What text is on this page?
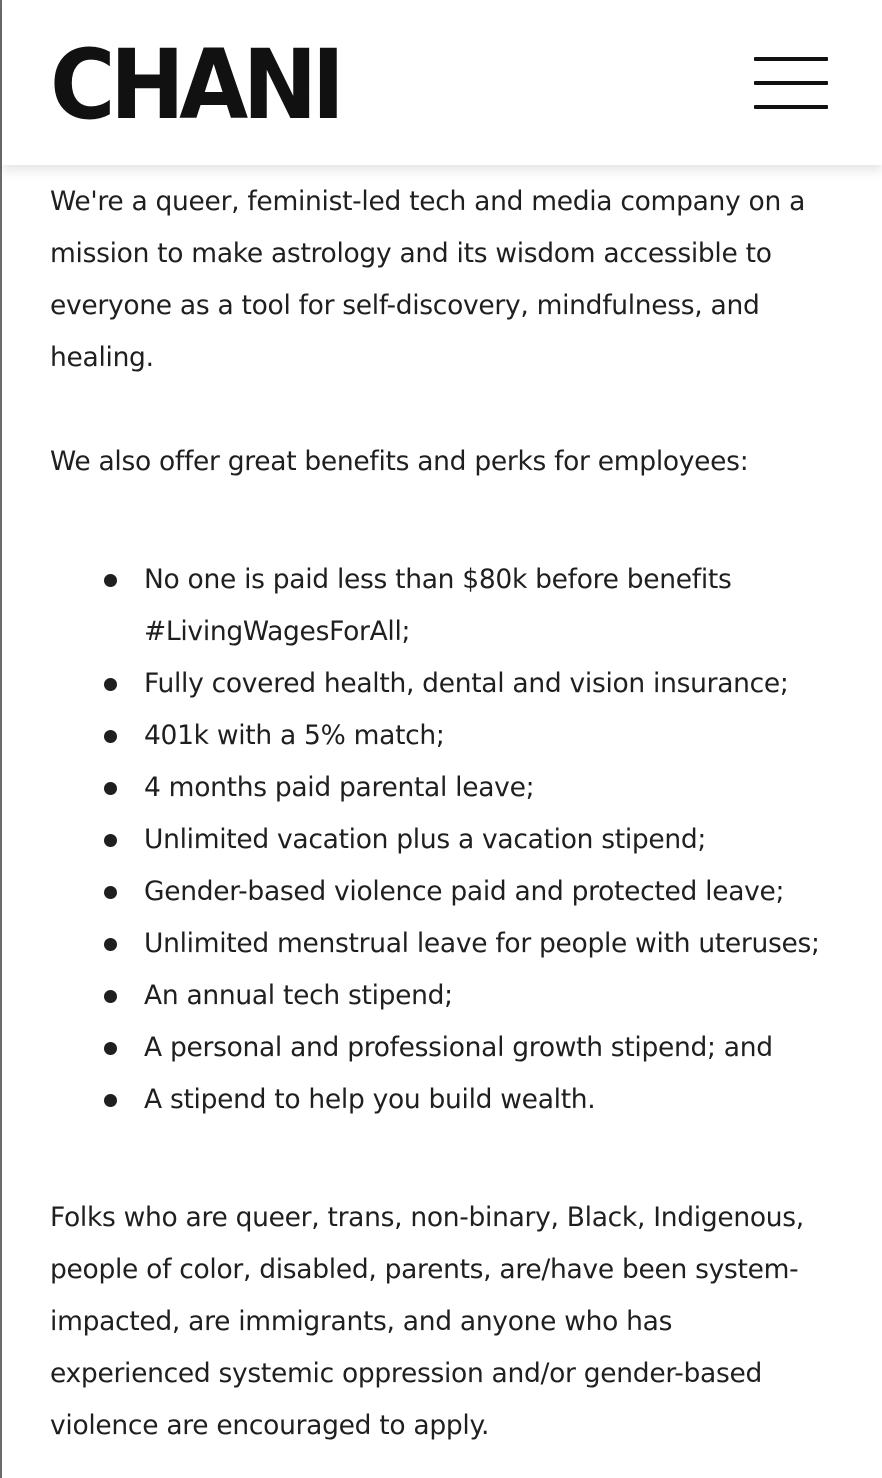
CHANI

We're a queer, feminist-led tech and media company on a mission to make astrology and its wisdom accessible to everyone as a tool for self-discovery, mindfulness, and healing.

We also offer great benefits and perks for employees:

No one is paid less than $80k before benefits #LivingWagesForAll;
Fully covered health, dental and vision insurance;
401k with a 5% match;
4 months paid parental leave;
Unlimited vacation plus a vacation stipend;
Gender-based violence paid and protected leave;
Unlimited menstrual leave for people with uteruses;
An annual tech stipend;
A personal and professional growth stipend; and
A stipend to help you build wealth.

Folks who are queer, trans, non-binary, Black, Indigenous, people of color, disabled, parents, are/have been system-impacted, are immigrants, and anyone who has experienced systemic oppression and/or gender-based violence are encouraged to apply.
